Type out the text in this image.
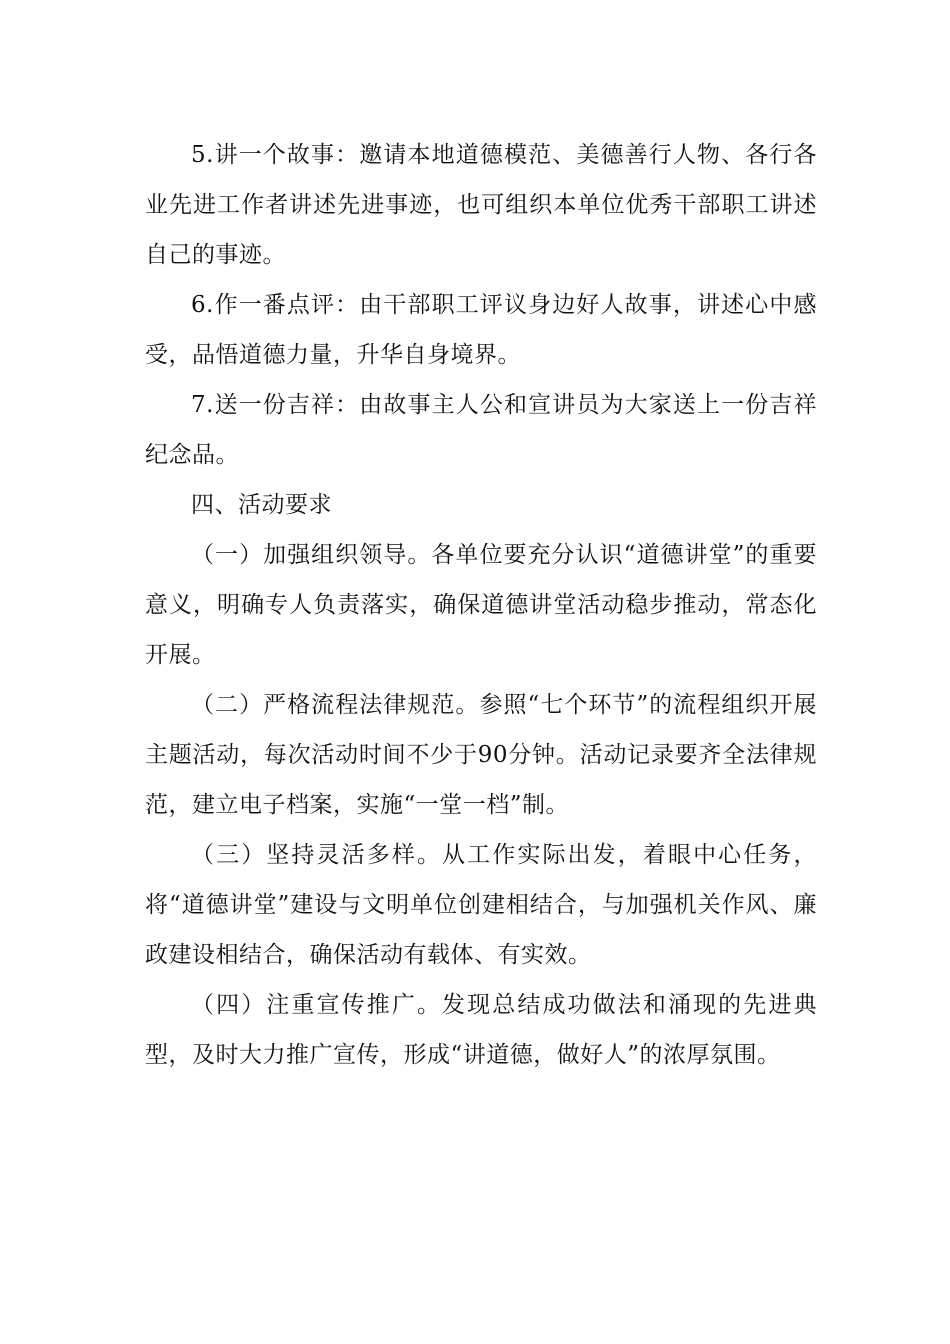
5.讲一个故事：邀请本地道德模范、美德善行人物、各行各业先进工作者讲述先进事迹，也可组织本单位优秀干部职工讲述自己的事迹。

6.作一番点评：由干部职工评议身边好人故事，讲述心中感受，品悟道德力量，升华自身境界。

7.送一份吉祥：由故事主人公和宣讲员为大家送上一份吉祥纪念品。

四、活动要求

（一）加强组织领导。各单位要充分认识“道德讲堂”的重要意义，明确专人负责落实，确保道德讲堂活动稳步推动，常态化开展。

（二）严格流程法律规范。参照“七个环节”的流程组织开展主题活动，每次活动时间不少于90分钟。活动记录要齐全法律规范，建立电子档案，实施“一堂一档”制。

（三）坚持灵活多样。从工作实际出发，着眼中心任务，将“道德讲堂”建设与文明单位创建相结合，与加强机关作风、廉政建设相结合，确保活动有载体、有实效。

（四）注重宣传推广。发现总结成功做法和涌现的先进典型，及时大力推广宣传，形成“讲道德，做好人”的浓厚氛围。
